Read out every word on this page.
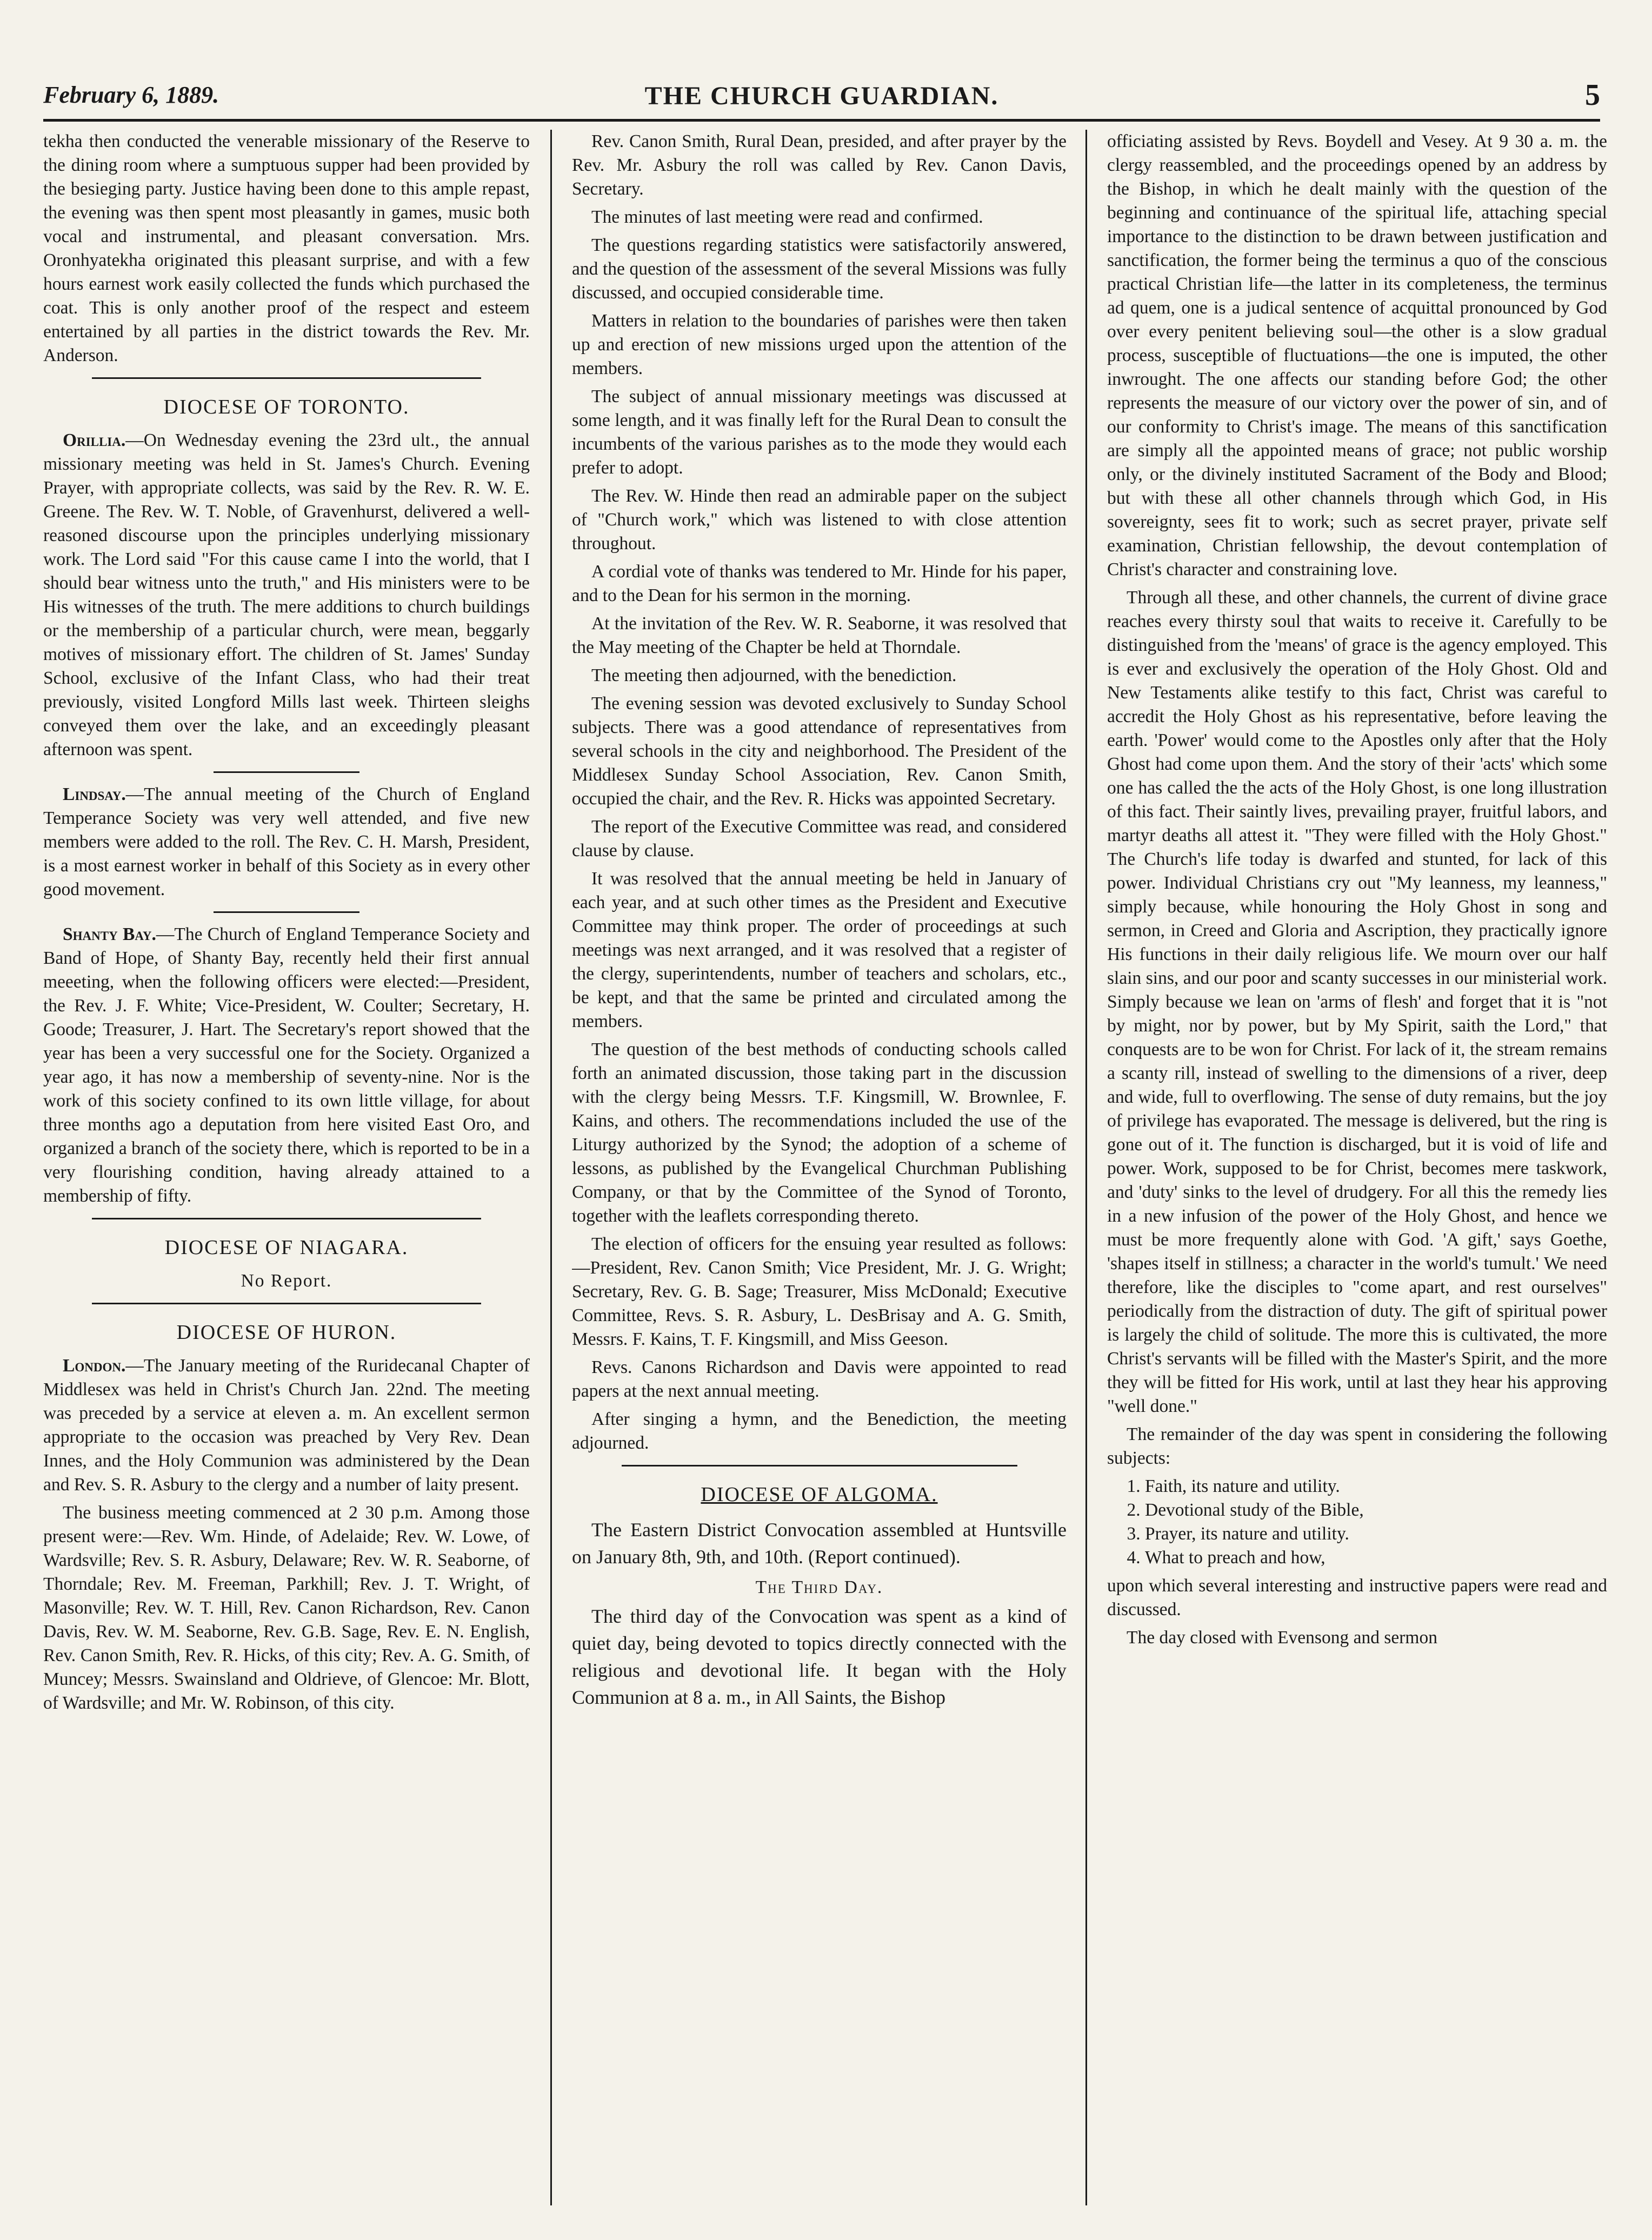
February 6, 1889.	THE CHURCH GUARDIAN.	5

tekha then conducted the venerable missionary of the Reserve to the dining room where a sumptuous supper had been provided by the besieging party. Justice having been done to this ample repast, the evening was then spent most pleasantly in games, music both vocal and instrumental, and pleasant conversation. Mrs. Oronhyatekha originated this pleasant surprise, and with a few hours earnest work easily collected the funds which purchased the coat. This is only another proof of the respect and esteem entertained by all parties in the district towards the Rev. Mr. Anderson.

DIOCESE OF TORONTO.

Orillia.—On Wednesday evening the 23rd ult., the annual missionary meeting was held in St. James's Church. Evening Prayer, with appropriate collects, was said by the Rev. R. W. E. Greene. The Rev. W. T. Noble, of Gravenhurst, delivered a well-reasoned discourse upon the principles underlying missionary work. The Lord said "For this cause came I into the world, that I should bear witness unto the truth," and His ministers were to be His witnesses of the truth. The mere additions to church buildings or the membership of a particular church, were mean, beggarly motives of missionary effort. The children of St. James' Sunday School, exclusive of the Infant Class, who had their treat previously, visited Longford Mills last week. Thirteen sleighs conveyed them over the lake, and an exceedingly pleasant afternoon was spent.

Lindsay.—The annual meeting of the Church of England Temperance Society was very well attended, and five new members were added to the roll. The Rev. C. H. Marsh, President, is a most earnest worker in behalf of this Society as in every other good movement.

Shanty Bay.—The Church of England Temperance Society and Band of Hope, of Shanty Bay, recently held their first annual meeeting, when the following officers were elected:—President, the Rev. J. F. White; Vice-President, W. Coulter; Secretary, H. Goode; Treasurer, J. Hart. The Secretary's report showed that the year has been a very successful one for the Society. Organized a year ago, it has now a membership of seventy-nine. Nor is the work of this society confined to its own little village, for about three months ago a deputation from here visited East Oro, and organized a branch of the society there, which is reported to be in a very flourishing condition, having already attained to a membership of fifty.

DIOCESE OF NIAGARA.
No Report.
DIOCESE OF HURON.

London.—The January meeting of the Ruridecanal Chapter of Middlesex was held in Christ's Church Jan. 22nd. The meeting was preceded by a service at eleven a. m. An excellent sermon appropriate to the occasion was preached by Very Rev. Dean Innes, and the Holy Communion was administered by the Dean and Rev. S. R. Asbury to the clergy and a number of laity present.

The business meeting commenced at 2 30 p.m. Among those present were:—Rev. Wm. Hinde, of Adelaide; Rev. W. Lowe, of Wardsville; Rev. S. R. Asbury, Delaware; Rev. W. R. Seaborne, of Thorndale; Rev. M. Freeman, Parkhill; Rev. J. T. Wright, of Masonville; Rev. W. T. Hill, Rev. Canon Richardson, Rev. Canon Davis, Rev. W. M. Seaborne, Rev. G.B. Sage, Rev. E. N. English, Rev. Canon Smith, Rev. R. Hicks, of this city; Rev. A. G. Smith, of Muncey; Messrs. Swainsland and Oldrieve, of Glencoe: Mr. Blott, of Wardsville; and Mr. W. Robinson, of this city.

Rev. Canon Smith, Rural Dean, presided, and after prayer by the Rev. Mr. Asbury the roll was called by Rev. Canon Davis, Secretary.

The minutes of last meeting were read and confirmed.

The questions regarding statistics were satisfactorily answered, and the question of the assessment of the several Missions was fully discussed, and occupied considerable time.

Matters in relation to the boundaries of parishes were then taken up and erection of new missions urged upon the attention of the members.

The subject of annual missionary meetings was discussed at some length, and it was finally left for the Rural Dean to consult the incumbents of the various parishes as to the mode they would each prefer to adopt.

The Rev. W. Hinde then read an admirable paper on the subject of "Church work," which was listened to with close attention throughout.

A cordial vote of thanks was tendered to Mr. Hinde for his paper, and to the Dean for his sermon in the morning.

At the invitation of the Rev. W. R. Seaborne, it was resolved that the May meeting of the Chapter be held at Thorndale.

The meeting then adjourned, with the benediction.

The evening session was devoted exclusively to Sunday School subjects. There was a good attendance of representatives from several schools in the city and neighborhood. The President of the Middlesex Sunday School Association, Rev. Canon Smith, occupied the chair, and the Rev. R. Hicks was appointed Secretary.

The report of the Executive Committee was read, and considered clause by clause.

It was resolved that the annual meeting be held in January of each year, and at such other times as the President and Executive Committee may think proper. The order of proceedings at such meetings was next arranged, and it was resolved that a register of the clergy, superintendents, number of teachers and scholars, etc., be kept, and that the same be printed and circulated among the members.

The question of the best methods of conducting schools called forth an animated discussion, those taking part in the discussion with the clergy being Messrs. T.F. Kingsmill, W. Brownlee, F. Kains, and others. The recommendations included the use of the Liturgy authorized by the Synod; the adoption of a scheme of lessons, as published by the Evangelical Churchman Publishing Company, or that by the Committee of the Synod of Toronto, together with the leaflets corresponding thereto.

The election of officers for the ensuing year resulted as follows:—President, Rev. Canon Smith; Vice President, Mr. J. G. Wright; Secretary, Rev. G. B. Sage; Treasurer, Miss McDonald; Executive Committee, Revs. S. R. Asbury, L. DesBrisay and A. G. Smith, Messrs. F. Kains, T. F. Kingsmill, and Miss Geeson.

Revs. Canons Richardson and Davis were appointed to read papers at the next annual meeting.

After singing a hymn, and the Benediction, the meeting adjourned.

DIOCESE OF ALGOMA.

The Eastern District Convocation assembled at Huntsville on January 8th, 9th, and 10th. (Report continued).

The Third Day.

The third day of the Convocation was spent as a kind of quiet day, being devoted to topics directly connected with the religious and devotional life. It began with the Holy Communion at 8 a. m., in All Saints, the Bishop

officiating assisted by Revs. Boydell and Vesey. At 9 30 a. m. the clergy reassembled, and the proceedings opened by an address by the Bishop, in which he dealt mainly with the question of the beginning and continuance of the spiritual life, attaching special importance to the distinction to be drawn between justification and sanctification, the former being the terminus a quo of the conscious practical Christian life—the latter in its completeness, the terminus ad quem, one is a judical sentence of acquittal pronounced by God over every penitent believing soul—the other is a slow gradual process, susceptible of fluctuations—the one is imputed, the other inwrought. The one affects our standing before God; the other represents the measure of our victory over the power of sin, and of our conformity to Christ's image. The means of this sanctification are simply all the appointed means of grace; not public worship only, or the divinely instituted Sacrament of the Body and Blood; but with these all other channels through which God, in His sovereignty, sees fit to work; such as secret prayer, private self examination, Christian fellowship, the devout contemplation of Christ's character and constraining love.

Through all these, and other channels, the current of divine grace reaches every thirsty soul that waits to receive it. Carefully to be distinguished from the 'means' of grace is the agency employed. This is ever and exclusively the operation of the Holy Ghost. Old and New Testaments alike testify to this fact, Christ was careful to accredit the Holy Ghost as his representative, before leaving the earth. 'Power' would come to the Apostles only after that the Holy Ghost had come upon them. And the story of their 'acts' which some one has called the the acts of the Holy Ghost, is one long illustration of this fact. Their saintly lives, prevailing prayer, fruitful labors, and martyr deaths all attest it. "They were filled with the Holy Ghost." The Church's life today is dwarfed and stunted, for lack of this power. Individual Christians cry out "My leanness, my leanness," simply because, while honouring the Holy Ghost in song and sermon, in Creed and Gloria and Ascription, they practically ignore His functions in their daily religious life. We mourn over our half slain sins, and our poor and scanty successes in our ministerial work. Simply because we lean on 'arms of flesh' and forget that it is "not by might, nor by power, but by My Spirit, saith the Lord," that conquests are to be won for Christ. For lack of it, the stream remains a scanty rill, instead of swelling to the dimensions of a river, deep and wide, full to overflowing. The sense of duty remains, but the joy of privilege has evaporated. The message is delivered, but the ring is gone out of it. The function is discharged, but it is void of life and power. Work, supposed to be for Christ, becomes mere taskwork, and 'duty' sinks to the level of drudgery. For all this the remedy lies in a new infusion of the power of the Holy Ghost, and hence we must be more frequently alone with God. 'A gift,' says Goethe, 'shapes itself in stillness; a character in the world's tumult.' We need therefore, like the disciples to "come apart, and rest ourselves" periodically from the distraction of duty. The gift of spiritual power is largely the child of solitude. The more this is cultivated, the more Christ's servants will be filled with the Master's Spirit, and the more they will be fitted for His work, until at last they hear his approving "well done."

The remainder of the day was spent in considering the following subjects:

1. Faith, its nature and utility.
2. Devotional study of the Bible,
3. Prayer, its nature and utility.
4. What to preach and how,

upon which several interesting and instructive papers were read and discussed.

The day closed with Evensong and sermon
